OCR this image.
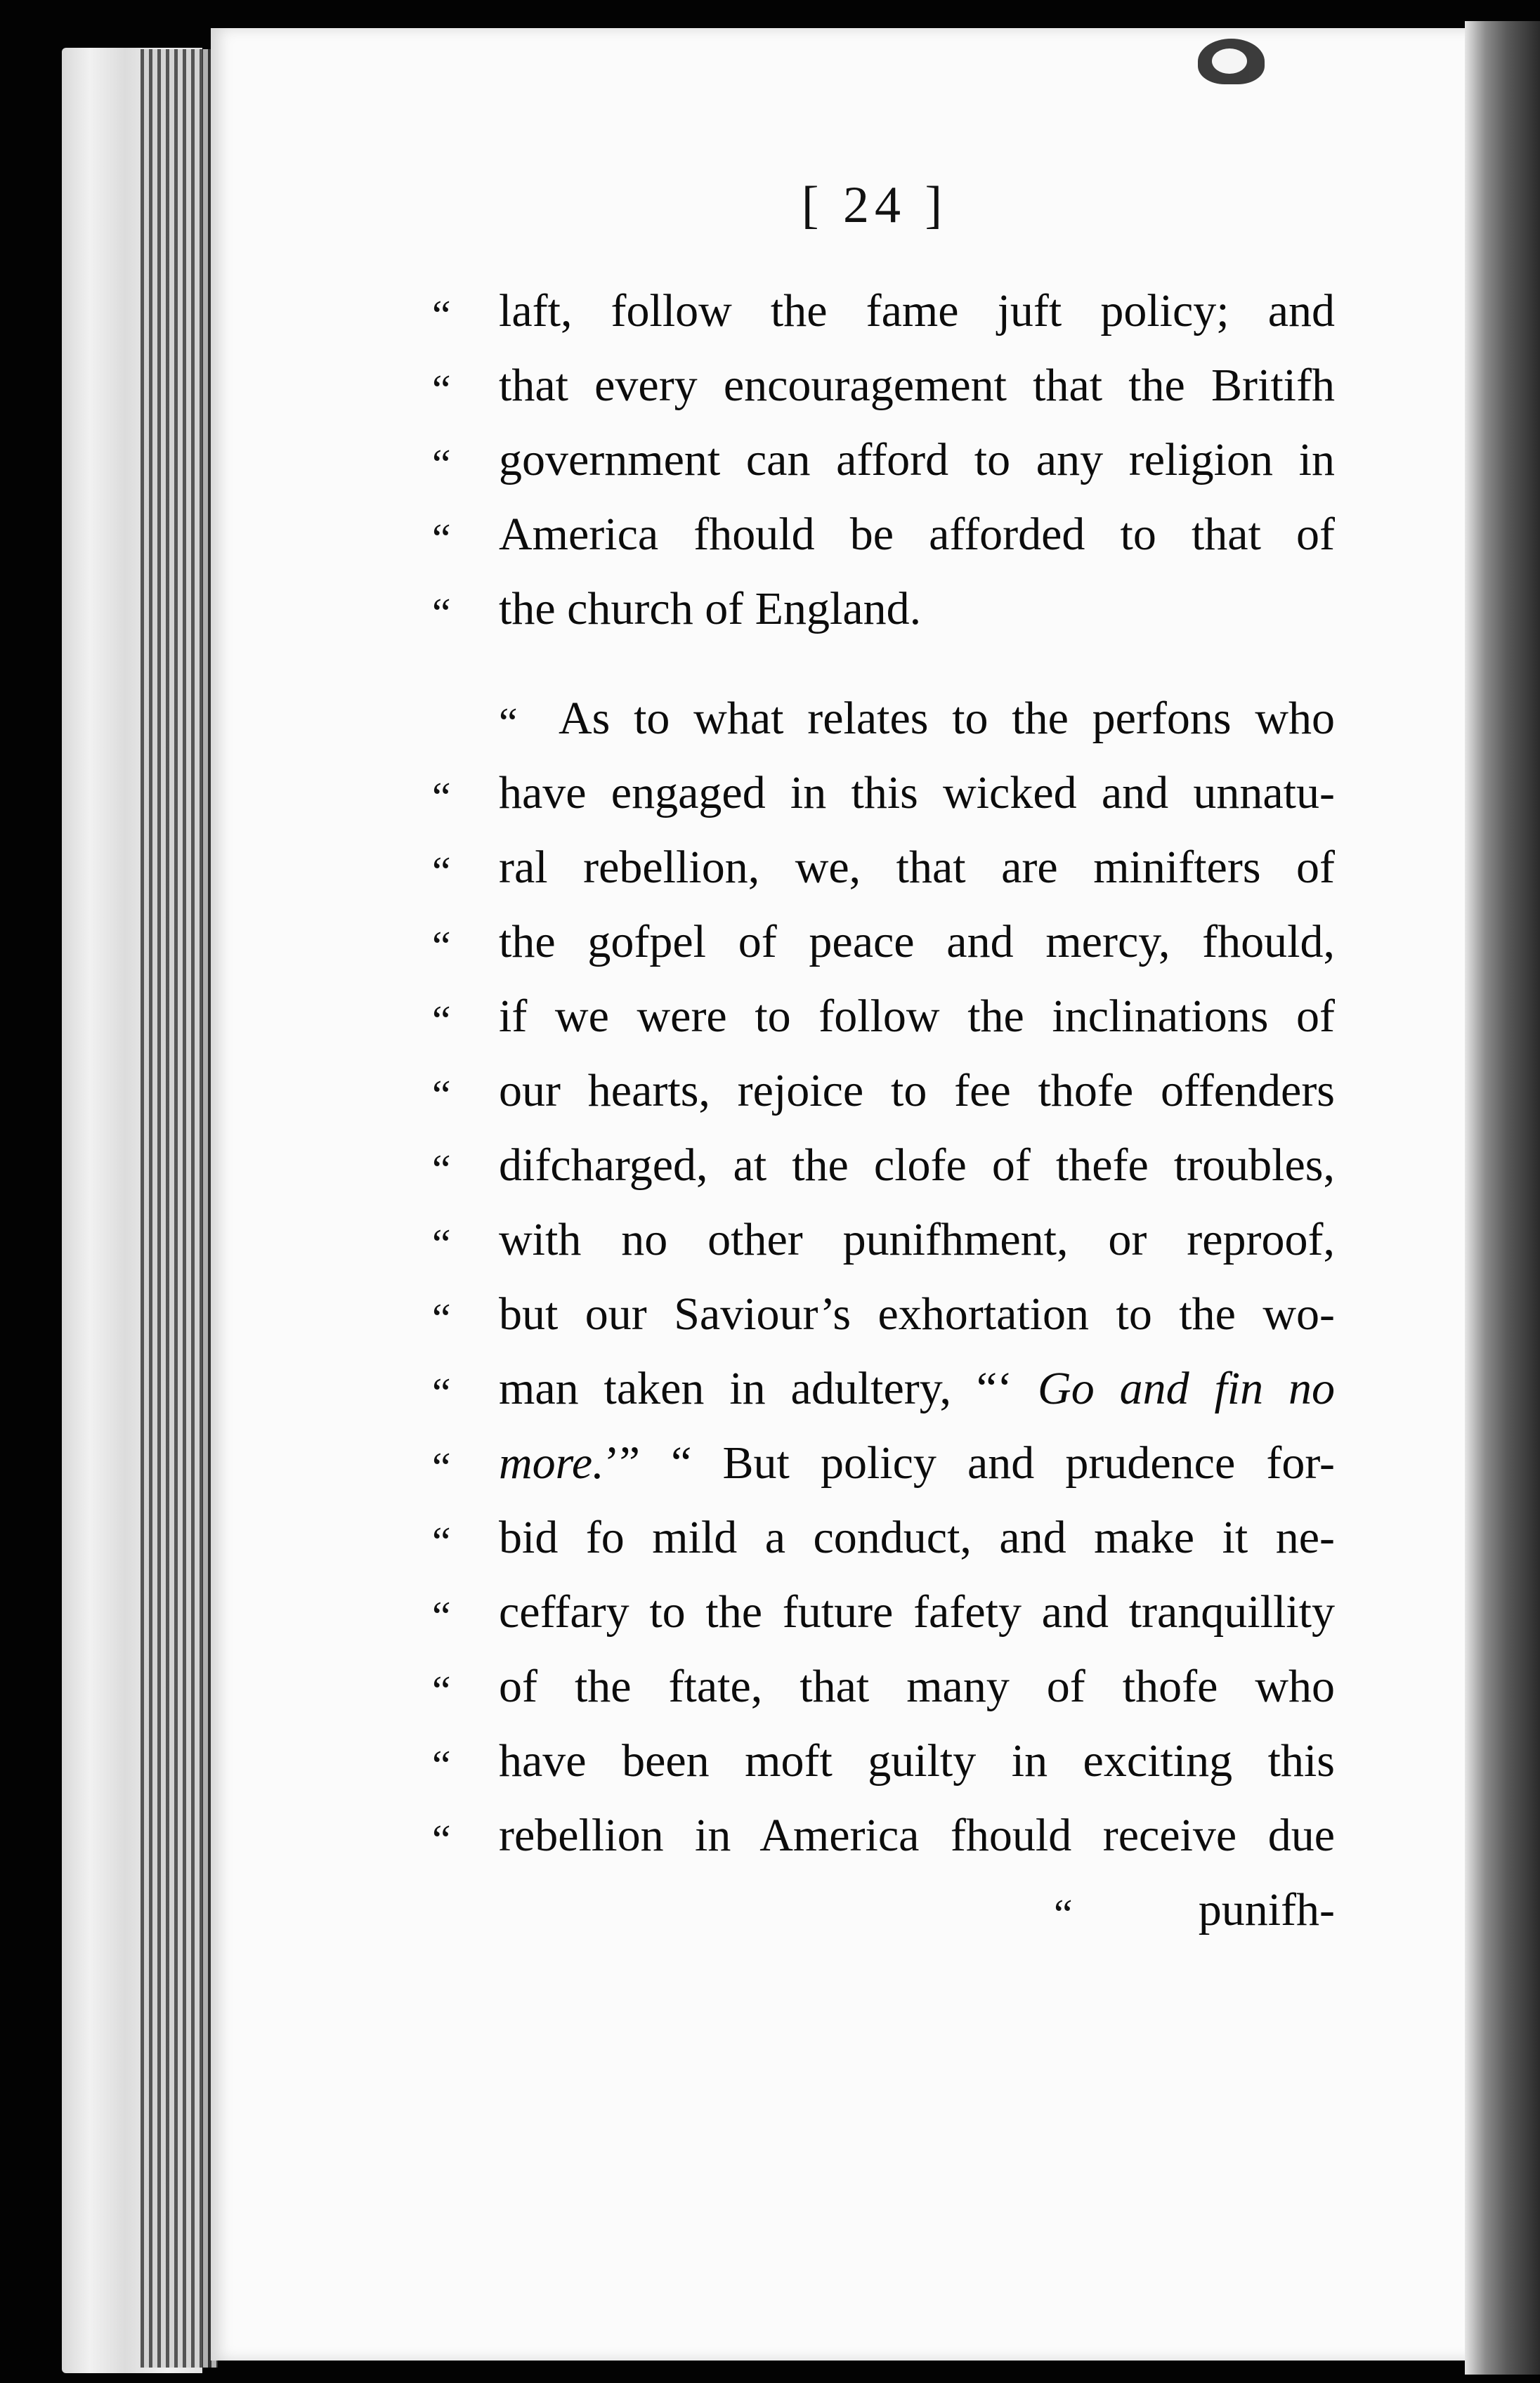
[ 24 ]
“	laft, follow the fame juft policy; and
“	that every encouragement that the Britifh
“	government can afford to any religion in
“	America fhould be afforded to that of
“	the church of England.
“ As to what relates to the perfons who
“	have engaged in this wicked and unnatu-
“	ral rebellion, we, that are minifters of
“	the gofpel of peace and mercy, fhould,
“	if we were to follow the inclinations of
“	our hearts, rejoice to fee thofe offenders
“	difcharged, at the clofe of thefe troubles,
“	with no other punifhment, or reproof,
“	but our Saviour’s exhortation to the wo-
“	man taken in adultery, “‘ Go and fin no
“	more.’” “ But policy and prudence for-
“	bid fo mild a conduct, and make it ne-
“	ceffary to the future fafety and tranquillity
“	of the ftate, that many of thofe who
“	have been moft guilty in exciting this
“	rebellion in America fhould receive due
“	punifh-
